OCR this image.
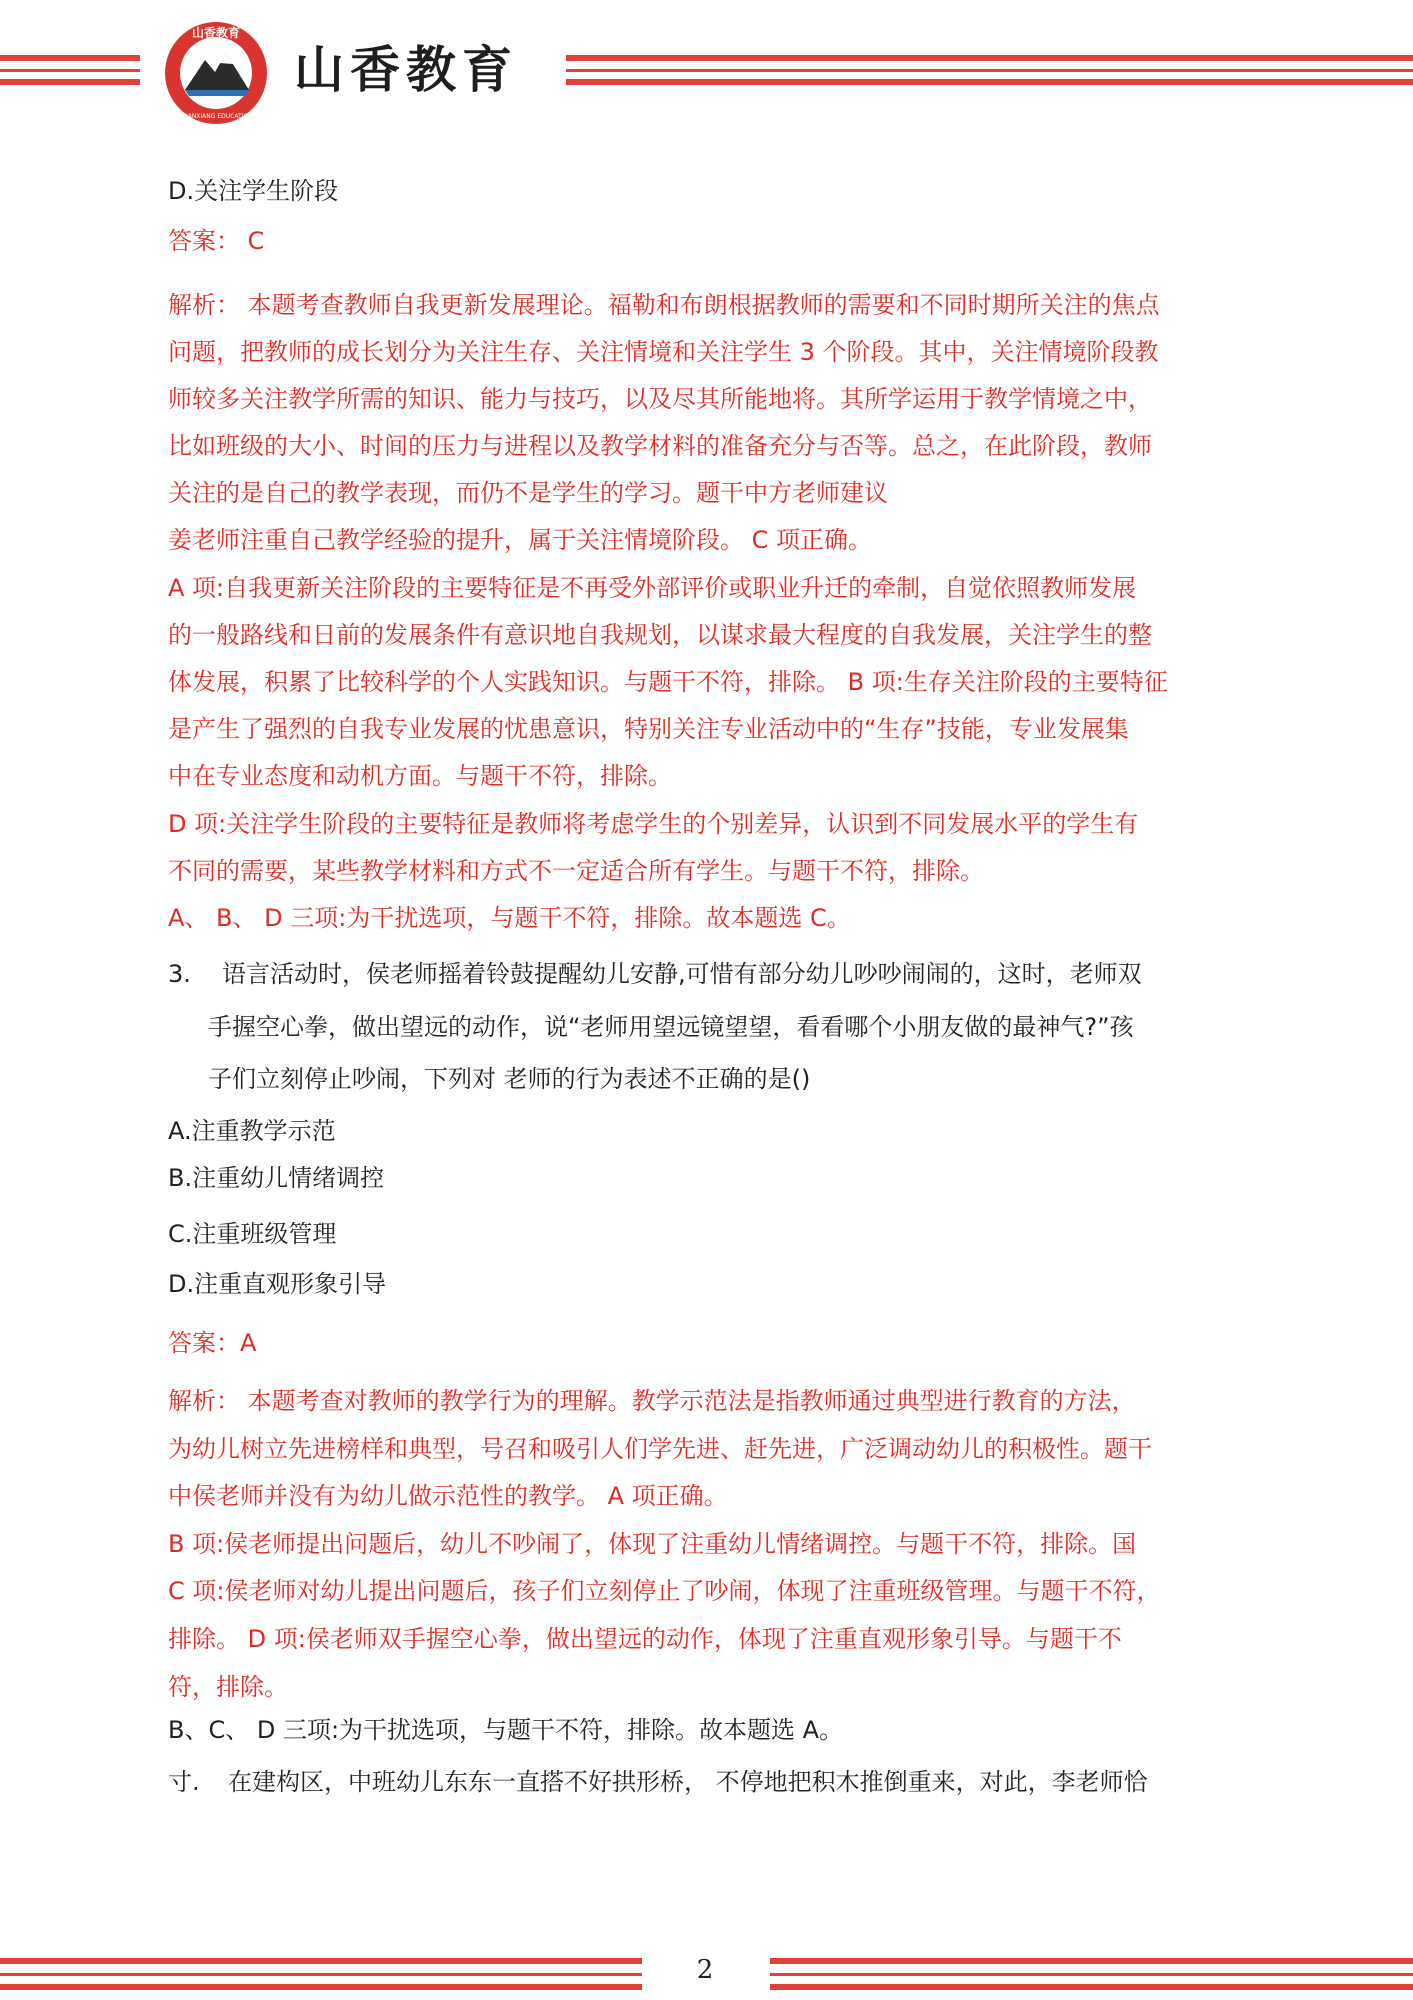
山香教育
SHANXIANG EDUCATION
山香教育
D.关注学生阶段
答案： C
解析： 本题考查教师自我更新发展理论。福勒和布朗根据教师的需要和不同时期所关注的焦点
问题，把教师的成长划分为关注生存、关注情境和关注学生 3 个阶段。其中，关注情境阶段教
师较多关注教学所需的知识、能力与技巧，以及尽其所能地将。其所学运用于教学情境之中，
比如班级的大小、时间的压力与进程以及教学材料的准备充分与否等。总之，在此阶段，教师
关注的是自己的教学表现，而仍不是学生的学习。题干中方老师建议
姜老师注重自己教学经验的提升，属于关注情境阶段。 C 项正确。
A 项:自我更新关注阶段的主要特征是不再受外部评价或职业升迁的牵制，自觉依照教师发展
的一般路线和日前的发展条件有意识地自我规划，以谋求最大程度的自我发展，关注学生的整
体发展，积累了比较科学的个人实践知识。与题干不符，排除。 B 项:生存关注阶段的主要特征
是产生了强烈的自我专业发展的忧患意识，特别关注专业活动中的“生存”技能，专业发展集
中在专业态度和动机方面。与题干不符，排除。
D 项:关注学生阶段的主要特征是教师将考虑学生的个别差异，认识到不同发展水平的学生有
不同的需要，某些教学材料和方式不一定适合所有学生。与题干不符，排除。
A、 B、 D 三项:为干扰选项，与题干不符，排除。故本题选 C。
3. 语言活动时，侯老师摇着铃鼓提醒幼儿安静,可惜有部分幼儿吵吵闹闹的，这时，老师双
手握空心拳，做出望远的动作，说“老师用望远镜望望，看看哪个小朋友做的最神气?”孩
子们立刻停止吵闹，下列对 老师的行为表述不正确的是()
A.注重教学示范
B.注重幼儿情绪调控
C.注重班级管理
D.注重直观形象引导
答案：A
解析： 本题考查对教师的教学行为的理解。教学示范法是指教师通过典型进行教育的方法，
为幼儿树立先进榜样和典型，号召和吸引人们学先进、赶先进，广泛调动幼儿的积极性。题干
中侯老师并没有为幼儿做示范性的教学。 A 项正确。
B 项:侯老师提出问题后，幼儿不吵闹了，体现了注重幼儿情绪调控。与题干不符，排除。国
C 项:侯老师对幼儿提出问题后，孩子们立刻停止了吵闹，体现了注重班级管理。与题干不符，
排除。 D 项:侯老师双手握空心拳，做出望远的动作，体现了注重直观形象引导。与题干不
符，排除。
B、C、 D 三项:为干扰选项，与题干不符，排除。故本题选 A。
寸. 在建构区，中班幼儿东东一直搭不好拱形桥， 不停地把积木推倒重来，对此，李老师恰
2
